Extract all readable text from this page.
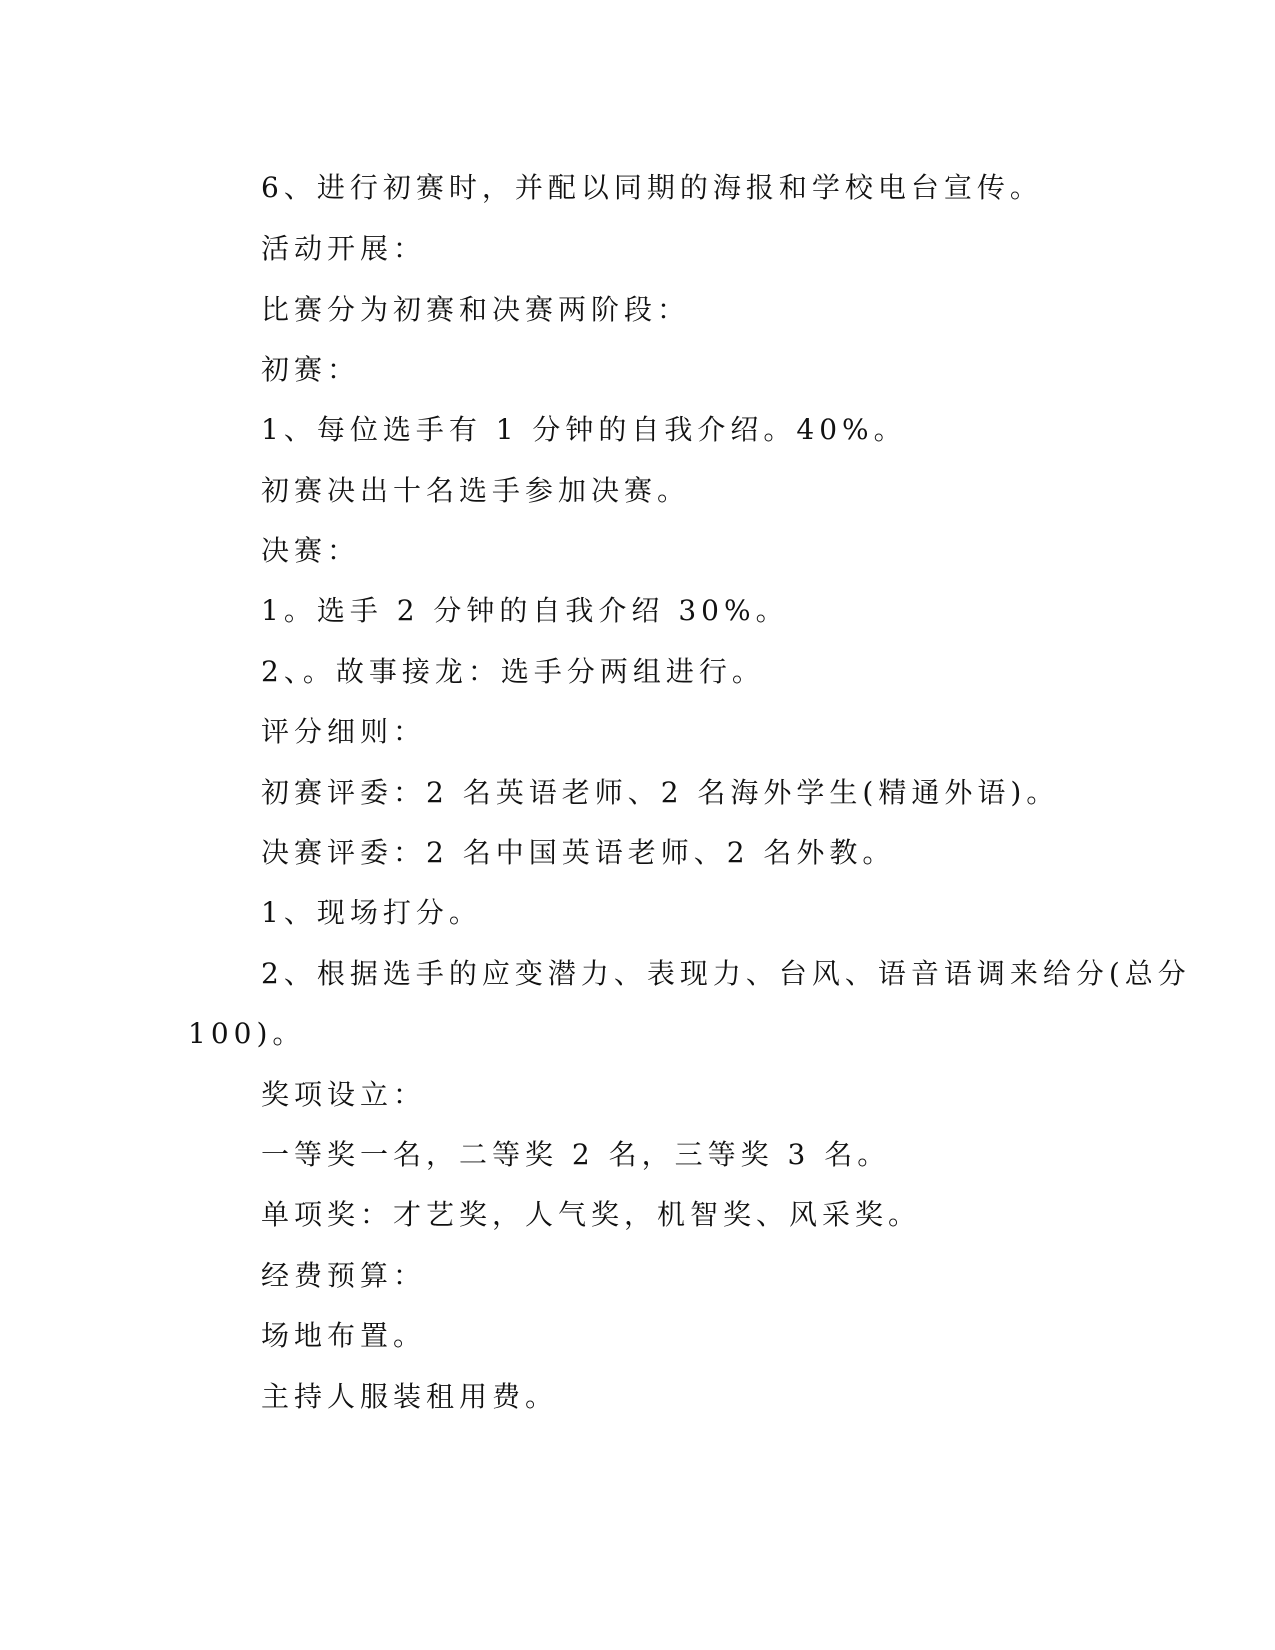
6、进行初赛时，并配以同期的海报和学校电台宣传。

活动开展：

比赛分为初赛和决赛两阶段：

初赛：

1、每位选手有 1 分钟的自我介绍。40%。

初赛决出十名选手参加决赛。

决赛：

1。选手 2 分钟的自我介绍 30%。

2、。故事接龙：选手分两组进行。

评分细则：

初赛评委：2 名英语老师、2 名海外学生(精通外语)。

决赛评委：2 名中国英语老师、2 名外教。

1、现场打分。

2、根据选手的应变潜力、表现力、台风、语音语调来给分(总分

100)。

奖项设立：

一等奖一名，二等奖 2 名，三等奖 3 名。

单项奖：才艺奖，人气奖，机智奖、风采奖。

经费预算：

场地布置。

主持人服装租用费。
